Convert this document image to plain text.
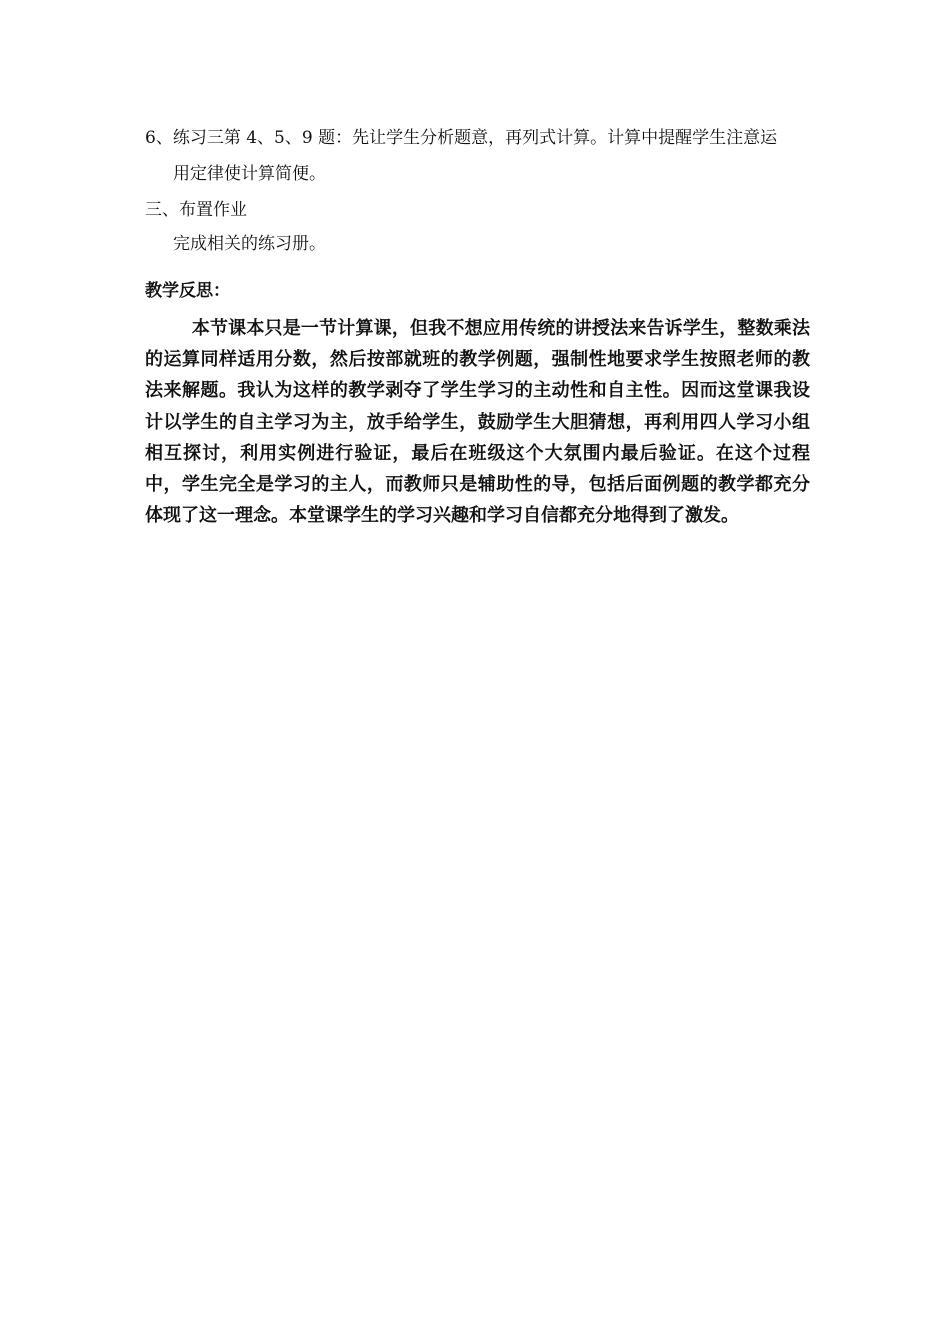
6、练习三第 4、5、9 题：先让学生分析题意，再列式计算。计算中提醒学生注意运
用定律使计算简便。
三、布置作业
完成相关的练习册。
教学反思：
本节课本只是一节计算课，但我不想应用传统的讲授法来告诉学生，整数乘法的运算同样适用分数，然后按部就班的教学例题，强制性地要求学生按照老师的教法来解题。我认为这样的教学剥夺了学生学习的主动性和自主性。因而这堂课我设计以学生的自主学习为主，放手给学生，鼓励学生大胆猜想，再利用四人学习小组相互探讨，利用实例进行验证，最后在班级这个大氛围内最后验证。在这个过程中，学生完全是学习的主人，而教师只是辅助性的导，包括后面例题的教学都充分体现了这一理念。本堂课学生的学习兴趣和学习自信都充分地得到了激发。
